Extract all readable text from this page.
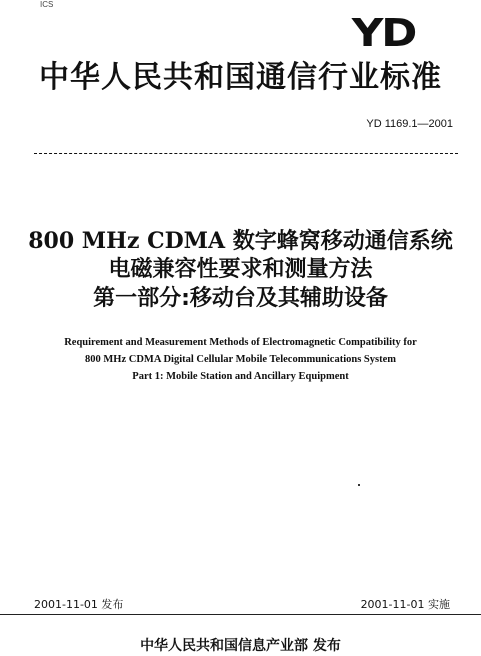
ICS
YD
中华人民共和国通信行业标准
YD 1169.1—2001
800 MHz CDMA 数字蜂窝移动通信系统
电磁兼容性要求和测量方法
第一部分:移动台及其辅助设备
Requirement and Measurement Methods of Electromagnetic Compatibility for
800 MHz CDMA Digital Cellular Mobile Telecommunications System
Part 1: Mobile Station and Ancillary Equipment
2001-11-01 发布	2001-11-01 实施
中华人民共和国信息产业部 发布
